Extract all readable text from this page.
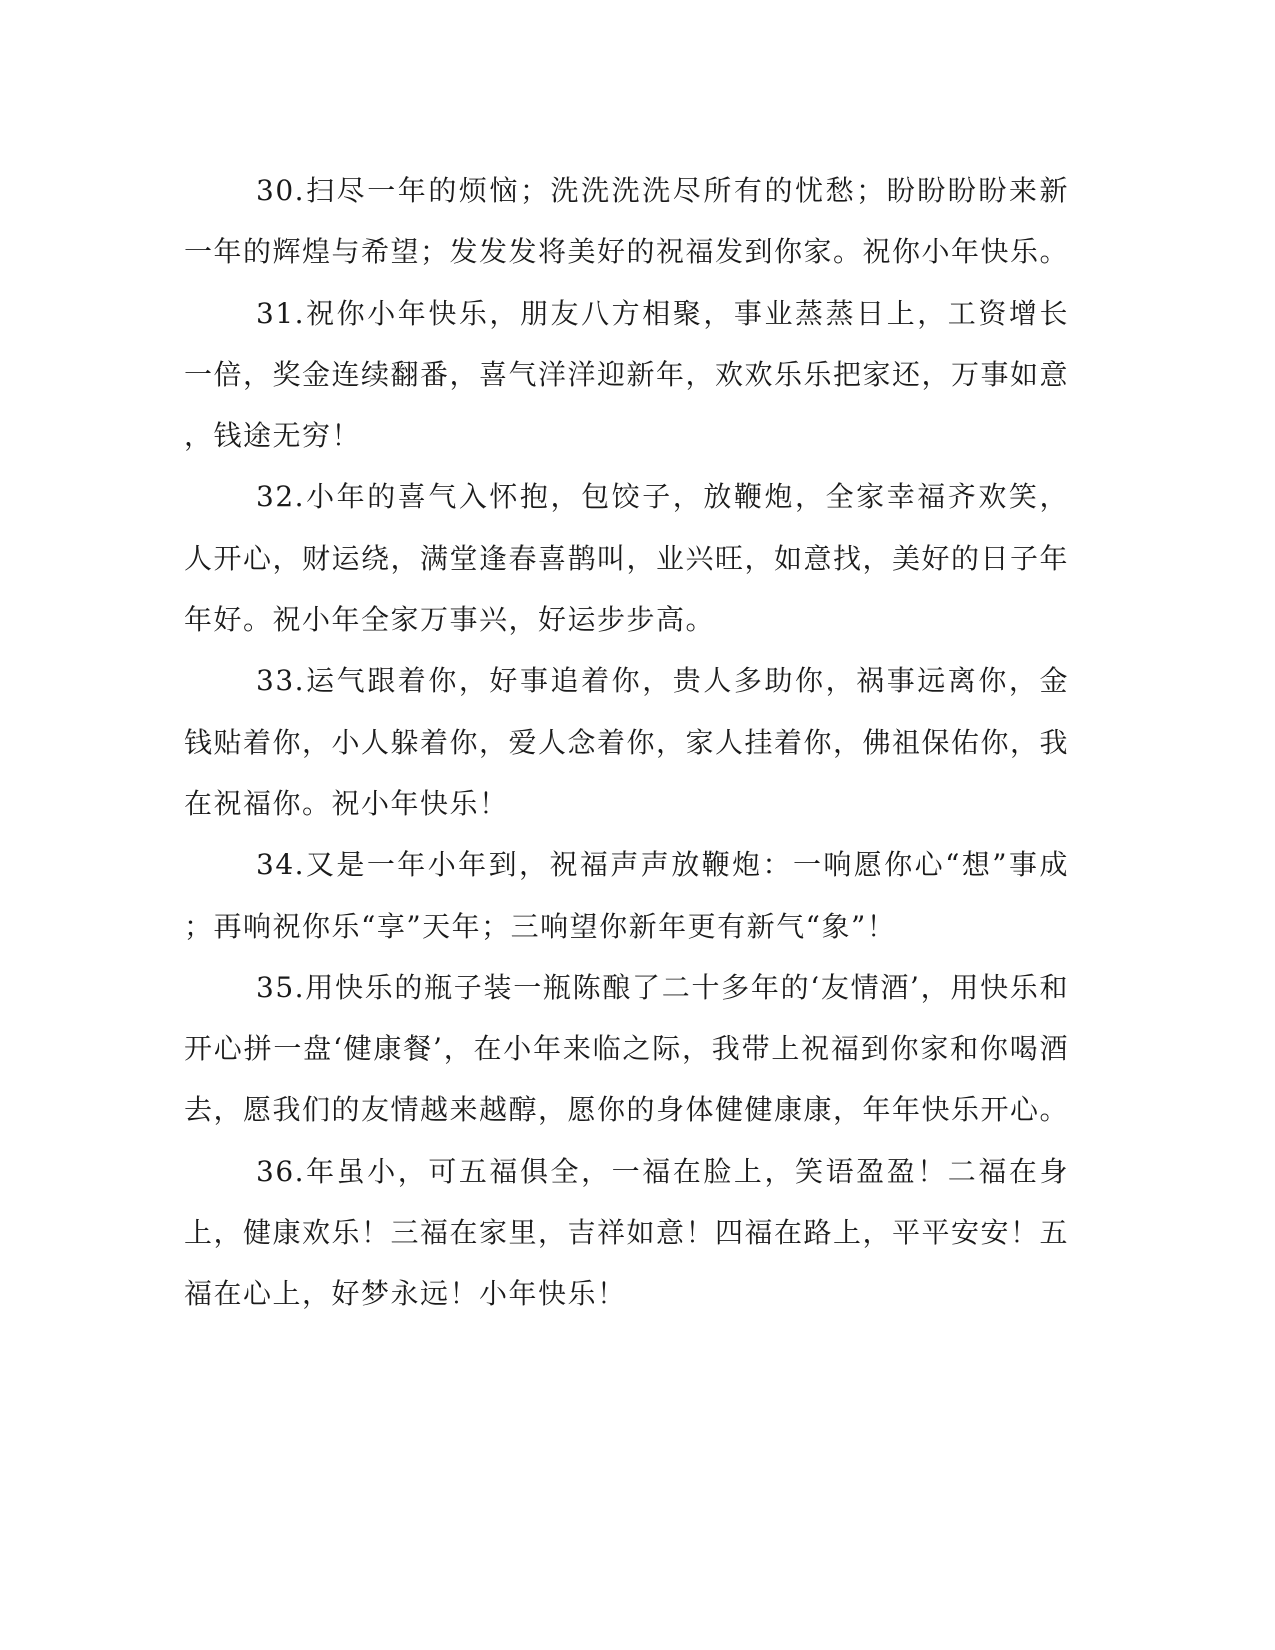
30.扫尽一年的烦恼；洗洗洗洗尽所有的忧愁；盼盼盼盼来新一年的辉煌与希望；发发发将美好的祝福发到你家。祝你小年快乐。

31.祝你小年快乐，朋友八方相聚，事业蒸蒸日上，工资增长一倍，奖金连续翻番，喜气洋洋迎新年，欢欢乐乐把家还，万事如意，钱途无穷！

32.小年的喜气入怀抱，包饺子，放鞭炮，全家幸福齐欢笑，人开心，财运绕，满堂逢春喜鹊叫，业兴旺，如意找，美好的日子年年好。祝小年全家万事兴，好运步步高。

33.运气跟着你，好事追着你，贵人多助你，祸事远离你，金钱贴着你，小人躲着你，爱人念着你，家人挂着你，佛祖保佑你，我在祝福你。祝小年快乐！

34.又是一年小年到，祝福声声放鞭炮：一响愿你心“想”事成；再响祝你乐“享”天年；三响望你新年更有新气“象”！

35.用快乐的瓶子装一瓶陈酿了二十多年的‘友情酒’，用快乐和开心拼一盘‘健康餐’，在小年来临之际，我带上祝福到你家和你喝酒去，愿我们的友情越来越醇，愿你的身体健健康康，年年快乐开心。

36.年虽小，可五福俱全，一福在脸上，笑语盈盈！二福在身上，健康欢乐！三福在家里，吉祥如意！四福在路上，平平安安！五福在心上，好梦永远！小年快乐！
